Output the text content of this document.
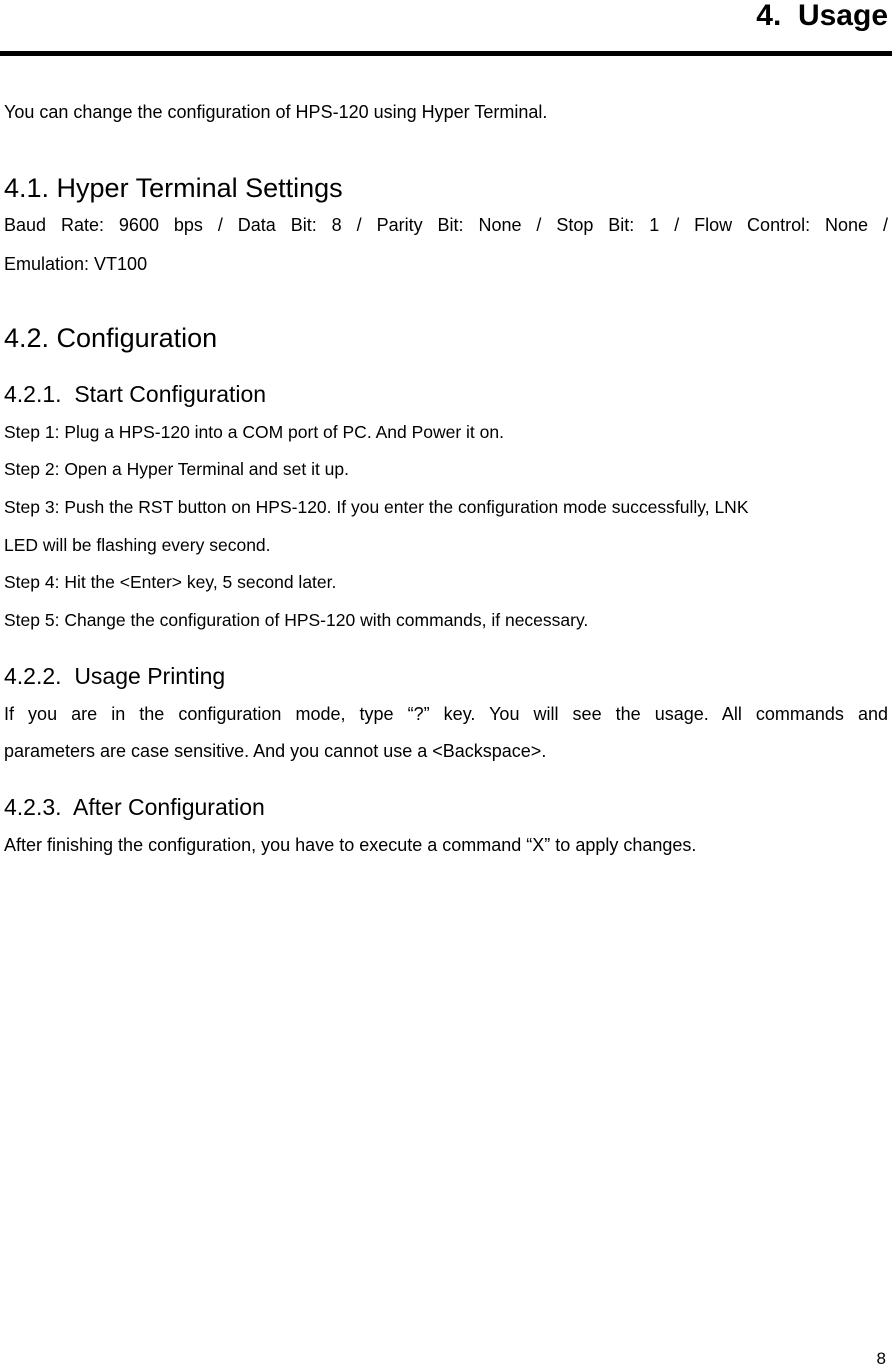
4.  Usage

You can change the configuration of HPS-120 using Hyper Terminal.

4.1. Hyper Terminal Settings

Baud Rate: 9600 bps / Data Bit: 8 / Parity Bit: None / Stop Bit: 1 / Flow Control: None /

Emulation: VT100

4.2. Configuration
4.2.1.  Start Configuration

Step 1: Plug a HPS-120 into a COM port of PC. And Power it on.

Step 2: Open a Hyper Terminal and set it up.

Step 3: Push the RST button on HPS-120. If you enter the configuration mode successfully, LNK

LED will be flashing every second.

Step 4: Hit the <Enter> key, 5 second later.

Step 5: Change the configuration of HPS-120 with commands, if necessary.

4.2.2.  Usage Printing

If you are in the configuration mode, type “?” key. You will see the usage. All commands and

parameters are case sensitive. And you cannot use a <Backspace>.

4.2.3.  After Configuration

After finishing the configuration, you have to execute a command “X” to apply changes.

8
